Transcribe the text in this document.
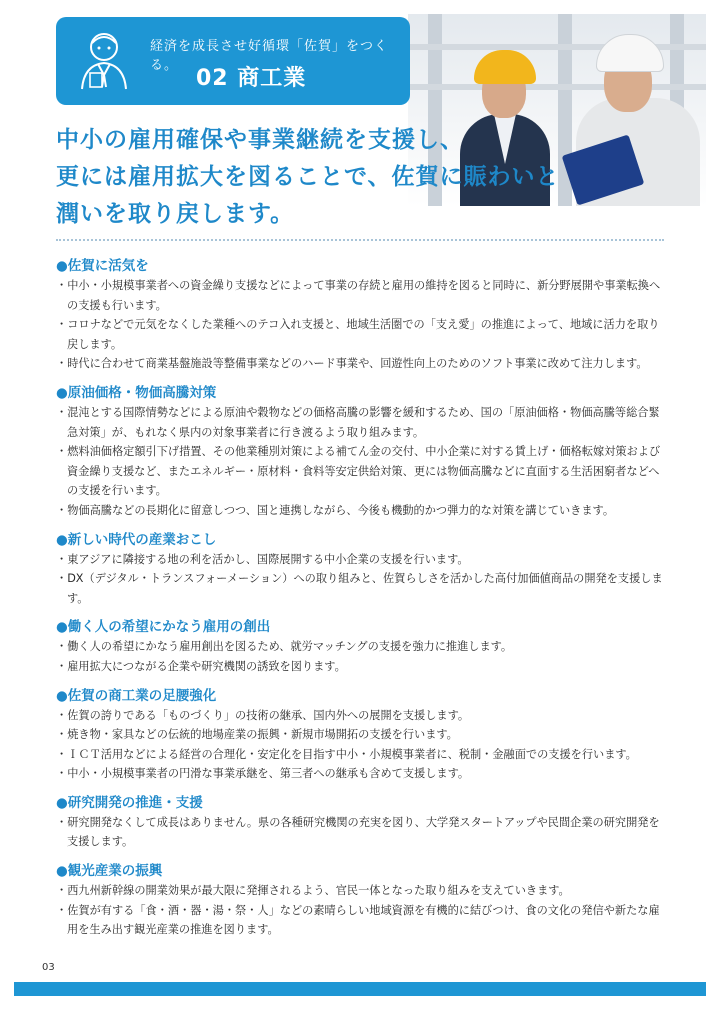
経済を成長させ好循環「佐賀」をつくる。
02 商工業
中小の雇用確保や事業継続を支援し、
更には雇用拡大を図ることで、佐賀に賑わいと
潤いを取り戻します。
●佐賀に活気を
・中小・小規模事業者への資金繰り支援などによって事業の存続と雇用の維持を図ると同時に、新分野展開や事業転換への支援も行います。
・コロナなどで元気をなくした業種へのテコ入れ支援と、地域生活圏での「支え愛」の推進によって、地域に活力を取り戻します。
・時代に合わせて商業基盤施設等整備事業などのハード事業や、回遊性向上のためのソフト事業に改めて注力します。
●原油価格・物価高騰対策
・混沌とする国際情勢などによる原油や穀物などの価格高騰の影響を緩和するため、国の「原油価格・物価高騰等総合緊急対策」が、もれなく県内の対象事業者に行き渡るよう取り組みます。
・燃料油価格定額引下げ措置、その他業種別対策による補てん金の交付、中小企業に対する賃上げ・価格転嫁対策および資金繰り支援など、またエネルギー・原材料・食料等安定供給対策、更には物価高騰などに直面する生活困窮者などへの支援を行います。
・物価高騰などの長期化に留意しつつ、国と連携しながら、今後も機動的かつ弾力的な対策を講じていきます。
●新しい時代の産業おこし
・東アジアに隣接する地の利を活かし、国際展開する中小企業の支援を行います。
・DX（デジタル・トランスフォーメーション）への取り組みと、佐賀らしさを活かした高付加価値商品の開発を支援します。
●働く人の希望にかなう雇用の創出
・働く人の希望にかなう雇用創出を図るため、就労マッチングの支援を強力に推進します。
・雇用拡大につながる企業や研究機関の誘致を図ります。
●佐賀の商工業の足腰強化
・佐賀の誇りである「ものづくり」の技術の継承、国内外への展開を支援します。
・焼き物・家具などの伝統的地場産業の振興・新規市場開拓の支援を行います。
・ＩＣＴ活用などによる経営の合理化・安定化を目指す中小・小規模事業者に、税制・金融面での支援を行います。
・中小・小規模事業者の円滑な事業承継を、第三者への継承も含めて支援します。
●研究開発の推進・支援
・研究開発なくして成長はありません。県の各種研究機関の充実を図り、大学発スタートアップや民間企業の研究開発を支援します。
●観光産業の振興
・西九州新幹線の開業効果が最大限に発揮されるよう、官民一体となった取り組みを支えていきます。
・佐賀が有する「食・酒・器・湯・祭・人」などの素晴らしい地域資源を有機的に結びつけ、食の文化の発信や新たな雇用を生み出す観光産業の推進を図ります。
03
